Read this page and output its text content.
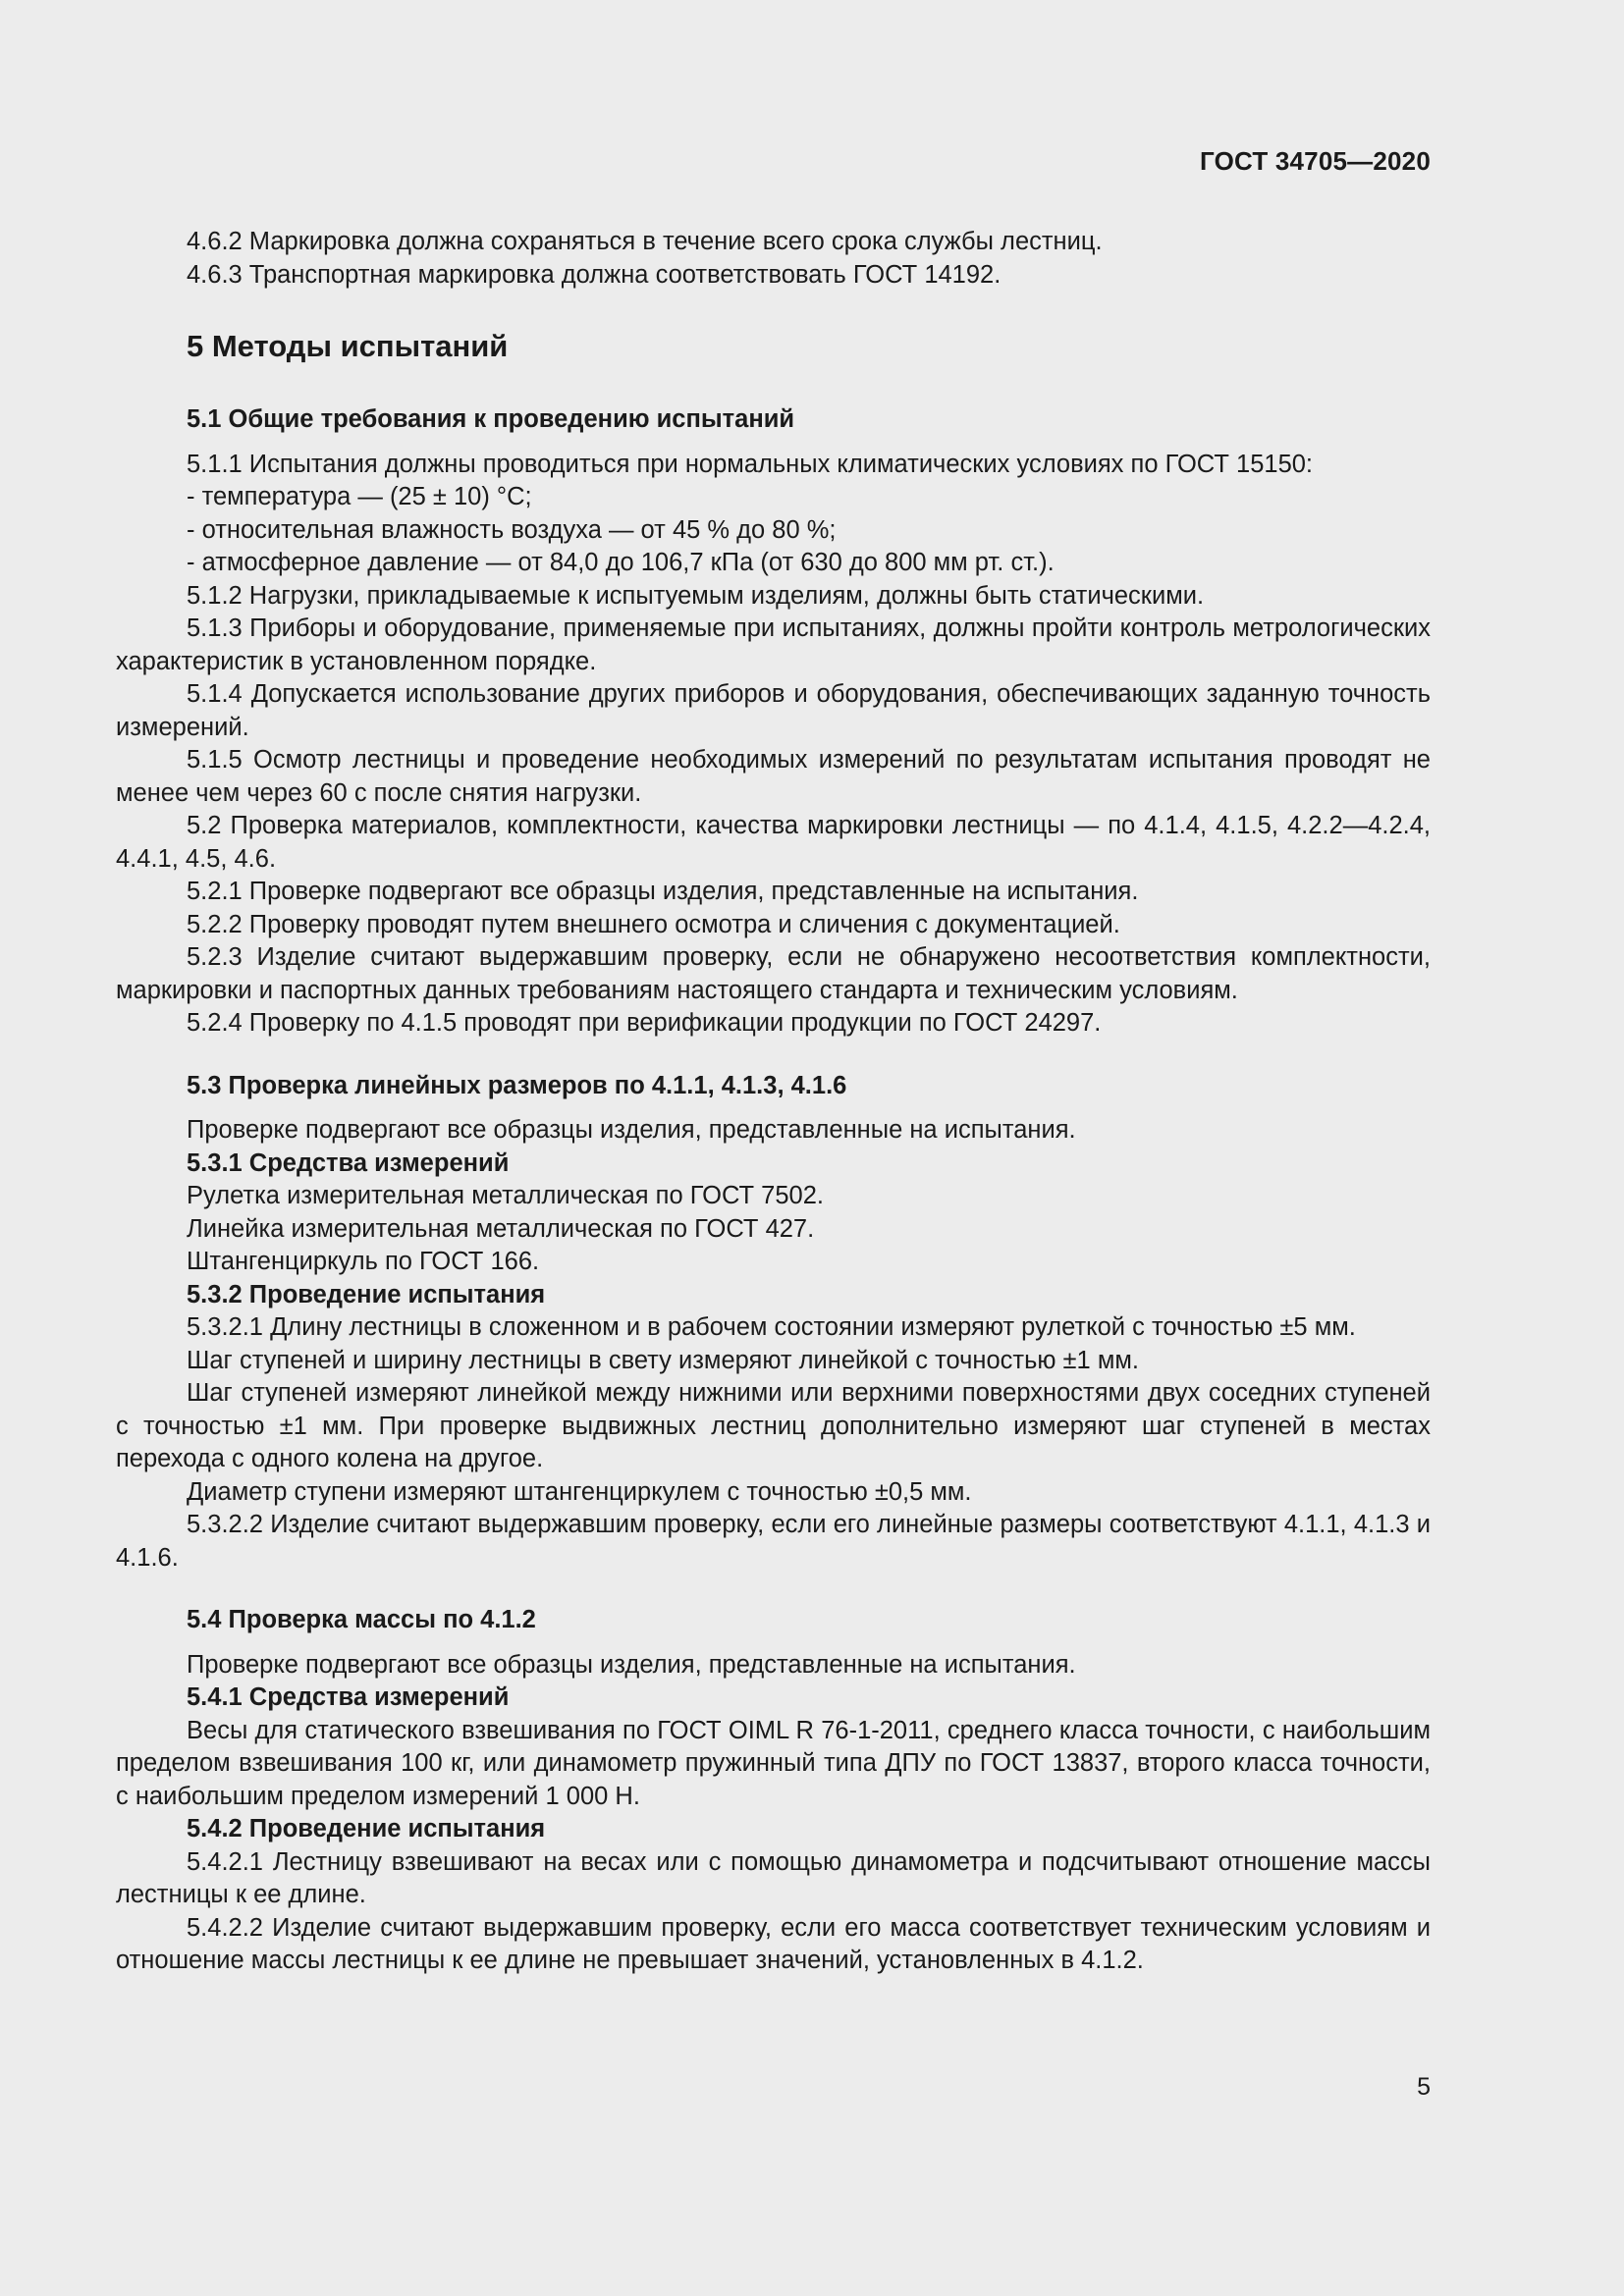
ГОСТ 34705—2020

4.6.2 Маркировка должна сохраняться в течение всего срока службы лестниц.

4.6.3 Транспортная маркировка должна соответствовать ГОСТ 14192.

5 Методы испытаний
5.1 Общие требования к проведению испытаний

5.1.1 Испытания должны проводиться при нормальных климатических условиях по ГОСТ 15150:

- температура — (25 ± 10) °С;

- относительная влажность воздуха — от 45 % до 80 %;

- атмосферное давление — от 84,0 до 106,7 кПа (от 630 до 800 мм рт. ст.).

5.1.2 Нагрузки, прикладываемые к испытуемым изделиям, должны быть статическими.

5.1.3 Приборы и оборудование, применяемые при испытаниях, должны пройти контроль метрологических характеристик в установленном порядке.

5.1.4 Допускается использование других приборов и оборудования, обеспечивающих заданную точность измерений.

5.1.5 Осмотр лестницы и проведение необходимых измерений по результатам испытания проводят не менее чем через 60 с после снятия нагрузки.

5.2 Проверка материалов, комплектности, качества маркировки лестницы — по 4.1.4, 4.1.5, 4.2.2—4.2.4, 4.4.1, 4.5, 4.6.

5.2.1 Проверке подвергают все образцы изделия, представленные на испытания.

5.2.2 Проверку проводят путем внешнего осмотра и сличения с документацией.

5.2.3 Изделие считают выдержавшим проверку, если не обнаружено несоответствия комплектности, маркировки и паспортных данных требованиям настоящего стандарта и техническим условиям.

5.2.4 Проверку по 4.1.5 проводят при верификации продукции по ГОСТ 24297.

5.3 Проверка линейных размеров по 4.1.1, 4.1.3, 4.1.6

Проверке подвергают все образцы изделия, представленные на испытания.

5.3.1 Средства измерений

Рулетка измерительная металлическая по ГОСТ 7502.

Линейка измерительная металлическая по ГОСТ 427.

Штангенциркуль по ГОСТ 166.

5.3.2 Проведение испытания

5.3.2.1 Длину лестницы в сложенном и в рабочем состоянии измеряют рулеткой с точностью ±5 мм.

Шаг ступеней и ширину лестницы в свету измеряют линейкой с точностью ±1 мм.

Шаг ступеней измеряют линейкой между нижними или верхними поверхностями двух соседних ступеней с точностью ±1 мм. При проверке выдвижных лестниц дополнительно измеряют шаг ступеней в местах перехода с одного колена на другое.

Диаметр ступени измеряют штангенциркулем с точностью ±0,5 мм.

5.3.2.2 Изделие считают выдержавшим проверку, если его линейные размеры соответствуют 4.1.1, 4.1.3 и 4.1.6.

5.4 Проверка массы по 4.1.2

Проверке подвергают все образцы изделия, представленные на испытания.

5.4.1 Средства измерений

Весы для статического взвешивания по ГОСТ OIML R 76-1-2011, среднего класса точности, с наибольшим пределом взвешивания 100 кг, или динамометр пружинный типа ДПУ по ГОСТ 13837, второго класса точности, с наибольшим пределом измерений 1 000 Н.

5.4.2 Проведение испытания

5.4.2.1 Лестницу взвешивают на весах или с помощью динамометра и подсчитывают отношение массы лестницы к ее длине.

5.4.2.2 Изделие считают выдержавшим проверку, если его масса соответствует техническим условиям и отношение массы лестницы к ее длине не превышает значений, установленных в 4.1.2.

5
